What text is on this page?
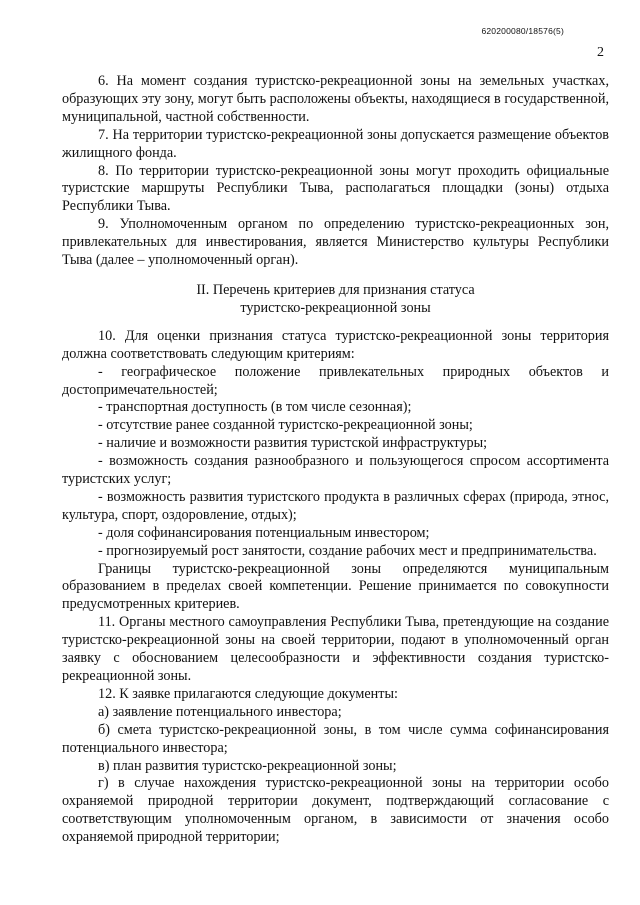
620200080/18576(5)
2

6. На момент создания туристско-рекреационной зоны на земельных участках, образующих эту зону, могут быть расположены объекты, находящиеся в государственной, муниципальной, частной собственности.

7. На территории туристско-рекреационной зоны допускается размещение объектов жилищного фонда.

8. По территории туристско-рекреационной зоны могут проходить официальные туристские маршруты Республики Тыва, располагаться площадки (зоны) отдыха Республики Тыва.

9. Уполномоченным органом по определению туристско-рекреационных зон, привлекательных для инвестирования, является Министерство культуры Республики Тыва (далее – уполномоченный орган).

II. Перечень критериев для признания статуса
туристско-рекреационной зоны

10. Для оценки признания статуса туристско-рекреационной зоны территория должна соответствовать следующим критериям:

- географическое положение привлекательных природных объектов и достопримечательностей;

- транспортная доступность (в том числе сезонная);

- отсутствие ранее созданной туристско-рекреационной зоны;

- наличие и возможности развития туристской инфраструктуры;

- возможность создания разнообразного и пользующегося спросом ассортимента туристских услуг;

- возможность развития туристского продукта в различных сферах (природа, этнос, культура, спорт, оздоровление, отдых);

- доля софинансирования потенциальным инвестором;

- прогнозируемый рост занятости, создание рабочих мест и предпринимательства.

Границы туристско-рекреационной зоны определяются муниципальным образованием в пределах своей компетенции. Решение принимается по совокупности предусмотренных критериев.

11. Органы местного самоуправления Республики Тыва, претендующие на создание туристско-рекреационной зоны на своей территории, подают в уполномоченный орган заявку с обоснованием целесообразности и эффективности создания туристско-рекреационной зоны.

12. К заявке прилагаются следующие документы:

а) заявление потенциального инвестора;

б) смета туристско-рекреационной зоны, в том числе сумма софинансирования потенциального инвестора;

в) план развития туристско-рекреационной зоны;

г) в случае нахождения туристско-рекреационной зоны на территории особо охраняемой природной территории документ, подтверждающий согласование с соответствующим уполномоченным органом, в зависимости от значения особо охраняемой природной территории;
